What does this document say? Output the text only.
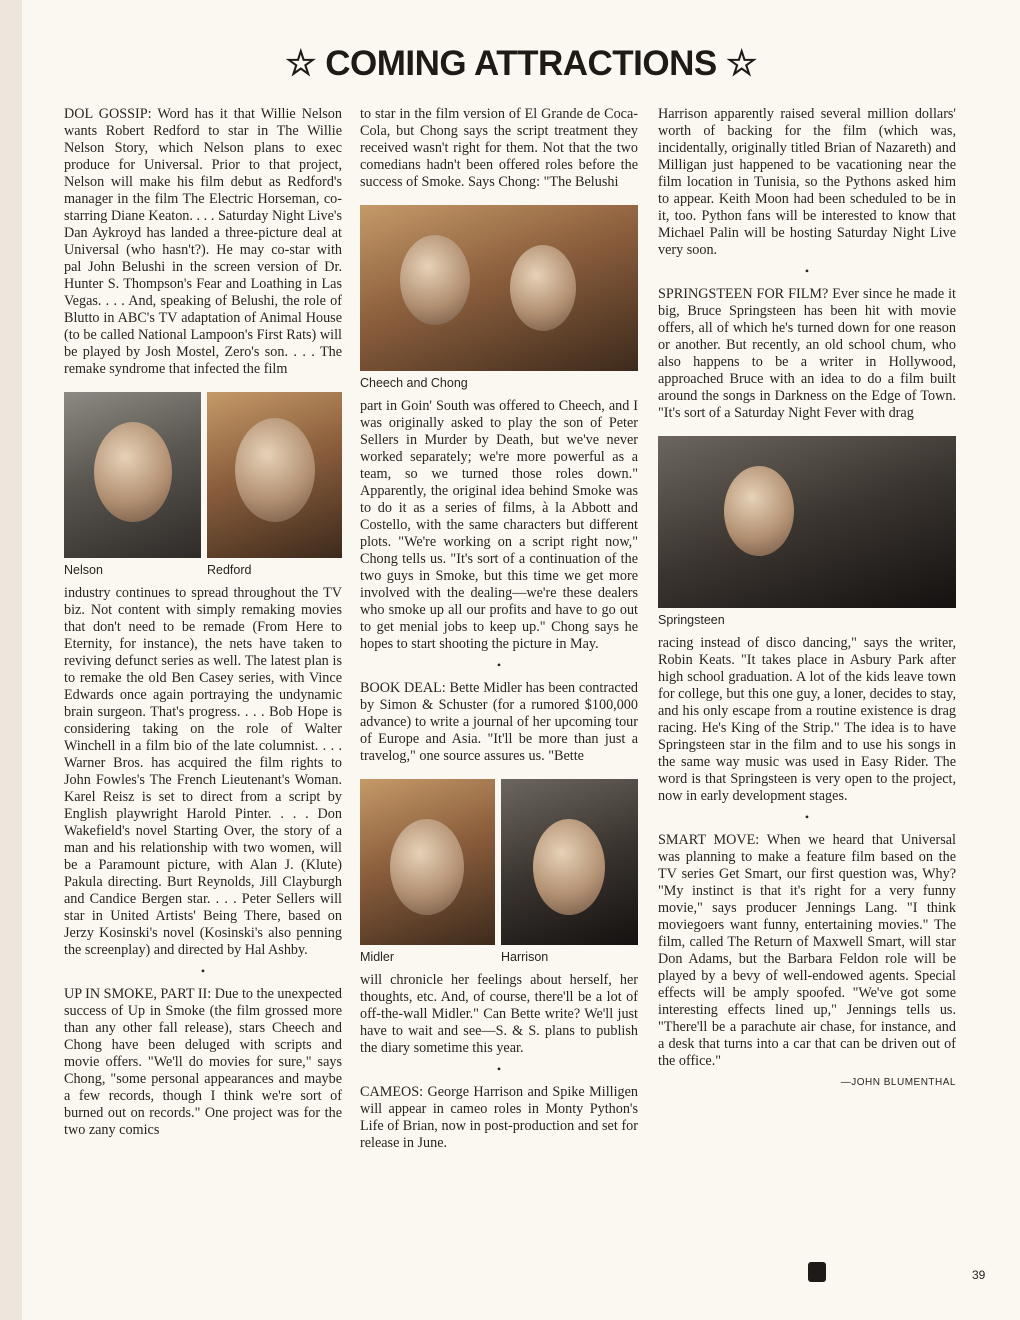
☆ COMING ATTRACTIONS ☆

DOL GOSSIP: Word has it that Willie Nelson wants Robert Redford to star in The Willie Nelson Story, which Nelson plans to exec produce for Universal. Prior to that project, Nelson will make his film debut as Redford's manager in the film The Electric Horseman, co-starring Diane Keaton. . . . Saturday Night Live's Dan Aykroyd has landed a three-picture deal at Universal (who hasn't?). He may co-star with pal John Belushi in the screen version of Dr. Hunter S. Thompson's Fear and Loathing in Las Vegas. . . . And, speaking of Belushi, the role of Blutto in ABC's TV adaptation of Animal House (to be called National Lampoon's First Rats) will be played by Josh Mostel, Zero's son. . . . The remake syndrome that infected the film

Nelson	Redford

industry continues to spread throughout the TV biz. Not content with simply remaking movies that don't need to be remade (From Here to Eternity, for instance), the nets have taken to reviving defunct series as well. The latest plan is to remake the old Ben Casey series, with Vince Edwards once again portraying the undynamic brain surgeon. That's progress. . . . Bob Hope is considering taking on the role of Walter Winchell in a film bio of the late columnist. . . . Warner Bros. has acquired the film rights to John Fowles's The French Lieutenant's Woman. Karel Reisz is set to direct from a script by English playwright Harold Pinter. . . . Don Wakefield's novel Starting Over, the story of a man and his relationship with two women, will be a Paramount picture, with Alan J. (Klute) Pakula directing. Burt Reynolds, Jill Clayburgh and Candice Bergen star. . . . Peter Sellers will star in United Artists' Being There, based on Jerzy Kosinski's novel (Kosinski's also penning the screenplay) and directed by Hal Ashby.

•

UP IN SMOKE, PART II: Due to the unexpected success of Up in Smoke (the film grossed more than any other fall release), stars Cheech and Chong have been deluged with scripts and movie offers. "We'll do movies for sure," says Chong, "some personal appearances and maybe a few records, though I think we're sort of burned out on records." One project was for the two zany comics

to star in the film version of El Grande de Coca-Cola, but Chong says the script treatment they received wasn't right for them. Not that the two comedians hadn't been offered roles before the success of Smoke. Says Chong: "The Belushi

Cheech and Chong

part in Goin' South was offered to Cheech, and I was originally asked to play the son of Peter Sellers in Murder by Death, but we've never worked separately; we're more powerful as a team, so we turned those roles down." Apparently, the original idea behind Smoke was to do it as a series of films, à la Abbott and Costello, with the same characters but different plots. "We're working on a script right now," Chong tells us. "It's sort of a continuation of the two guys in Smoke, but this time we get more involved with the dealing—we're these dealers who smoke up all our profits and have to go out to get menial jobs to keep up." Chong says he hopes to start shooting the picture in May.

•

BOOK DEAL: Bette Midler has been contracted by Simon & Schuster (for a rumored $100,000 advance) to write a journal of her upcoming tour of Europe and Asia. "It'll be more than just a travelog," one source assures us. "Bette

Midler	Harrison

will chronicle her feelings about herself, her thoughts, etc. And, of course, there'll be a lot of off-the-wall Midler." Can Bette write? We'll just have to wait and see—S. & S. plans to publish the diary sometime this year.

•

CAMEOS: George Harrison and Spike Milligen will appear in cameo roles in Monty Python's Life of Brian, now in post-production and set for release in June.

Harrison apparently raised several million dollars' worth of backing for the film (which was, incidentally, originally titled Brian of Nazareth) and Milligan just happened to be vacationing near the film location in Tunisia, so the Pythons asked him to appear. Keith Moon had been scheduled to be in it, too. Python fans will be interested to know that Michael Palin will be hosting Saturday Night Live very soon.

•

SPRINGSTEEN FOR FILM? Ever since he made it big, Bruce Springsteen has been hit with movie offers, all of which he's turned down for one reason or another. But recently, an old school chum, who also happens to be a writer in Hollywood, approached Bruce with an idea to do a film built around the songs in Darkness on the Edge of Town. "It's sort of a Saturday Night Fever with drag

Springsteen

racing instead of disco dancing," says the writer, Robin Keats. "It takes place in Asbury Park after high school graduation. A lot of the kids leave town for college, but this one guy, a loner, decides to stay, and his only escape from a routine existence is drag racing. He's King of the Strip." The idea is to have Springsteen star in the film and to use his songs in the same way music was used in Easy Rider. The word is that Springsteen is very open to the project, now in early development stages.

•

SMART MOVE: When we heard that Universal was planning to make a feature film based on the TV series Get Smart, our first question was, Why? "My instinct is that it's right for a very funny movie," says producer Jennings Lang. "I think moviegoers want funny, entertaining movies." The film, called The Return of Maxwell Smart, will star Don Adams, but the Barbara Feldon role will be played by a bevy of well-endowed agents. Special effects will be amply spoofed. "We've got some interesting effects lined up," Jennings tells us. "There'll be a parachute air chase, for instance, and a desk that turns into a car that can be driven out of the office."

—JOHN BLUMENTHAL
39
